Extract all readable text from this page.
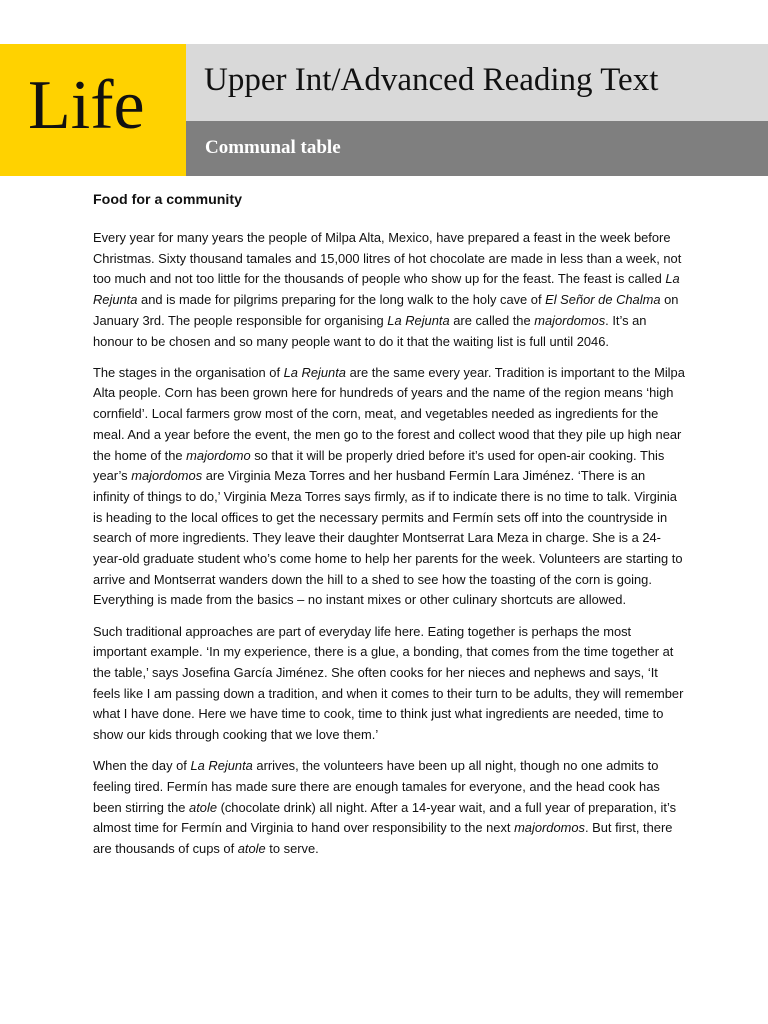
Life Upper Int/Advanced Reading Text
Communal table
Food for a community

Every year for many years the people of Milpa Alta, Mexico, have prepared a feast in the week before Christmas. Sixty thousand tamales and 15,000 litres of hot chocolate are made in less than a week, not too much and not too little for the thousands of people who show up for the feast. The feast is called La Rejunta and is made for pilgrims preparing for the long walk to the holy cave of El Señor de Chalma on January 3rd. The people responsible for organising La Rejunta are called the majordomos. It’s an honour to be chosen and so many people want to do it that the waiting list is full until 2046.

The stages in the organisation of La Rejunta are the same every year. Tradition is important to the Milpa Alta people. Corn has been grown here for hundreds of years and the name of the region means ‘high cornfield’. Local farmers grow most of the corn, meat, and vegetables needed as ingredients for the meal. And a year before the event, the men go to the forest and collect wood that they pile up high near the home of the majordomo so that it will be properly dried before it’s used for open-air cooking. This year’s majordomos are Virginia Meza Torres and her husband Fermín Lara Jiménez. ‘There is an infinity of things to do,’ Virginia Meza Torres says firmly, as if to indicate there is no time to talk. Virginia is heading to the local offices to get the necessary permits and Fermín sets off into the countryside in search of more ingredients. They leave their daughter Montserrat Lara Meza in charge. She is a 24-year-old graduate student who’s come home to help her parents for the week. Volunteers are starting to arrive and Montserrat wanders down the hill to a shed to see how the toasting of the corn is going. Everything is made from the basics – no instant mixes or other culinary shortcuts are allowed.

Such traditional approaches are part of everyday life here. Eating together is perhaps the most important example. ‘In my experience, there is a glue, a bonding, that comes from the time together at the table,’ says Josefina García Jiménez. She often cooks for her nieces and nephews and says, ‘It feels like I am passing down a tradition, and when it comes to their turn to be adults, they will remember what I have done. Here we have time to cook, time to think just what ingredients are needed, time to show our kids through cooking that we love them.’

When the day of La Rejunta arrives, the volunteers have been up all night, though no one admits to feeling tired. Fermín has made sure there are enough tamales for everyone, and the head cook has been stirring the atole (chocolate drink) all night. After a 14-year wait, and a full year of preparation, it’s almost time for Fermín and Virginia to hand over responsibility to the next majordomos. But first, there are thousands of cups of atole to serve.
